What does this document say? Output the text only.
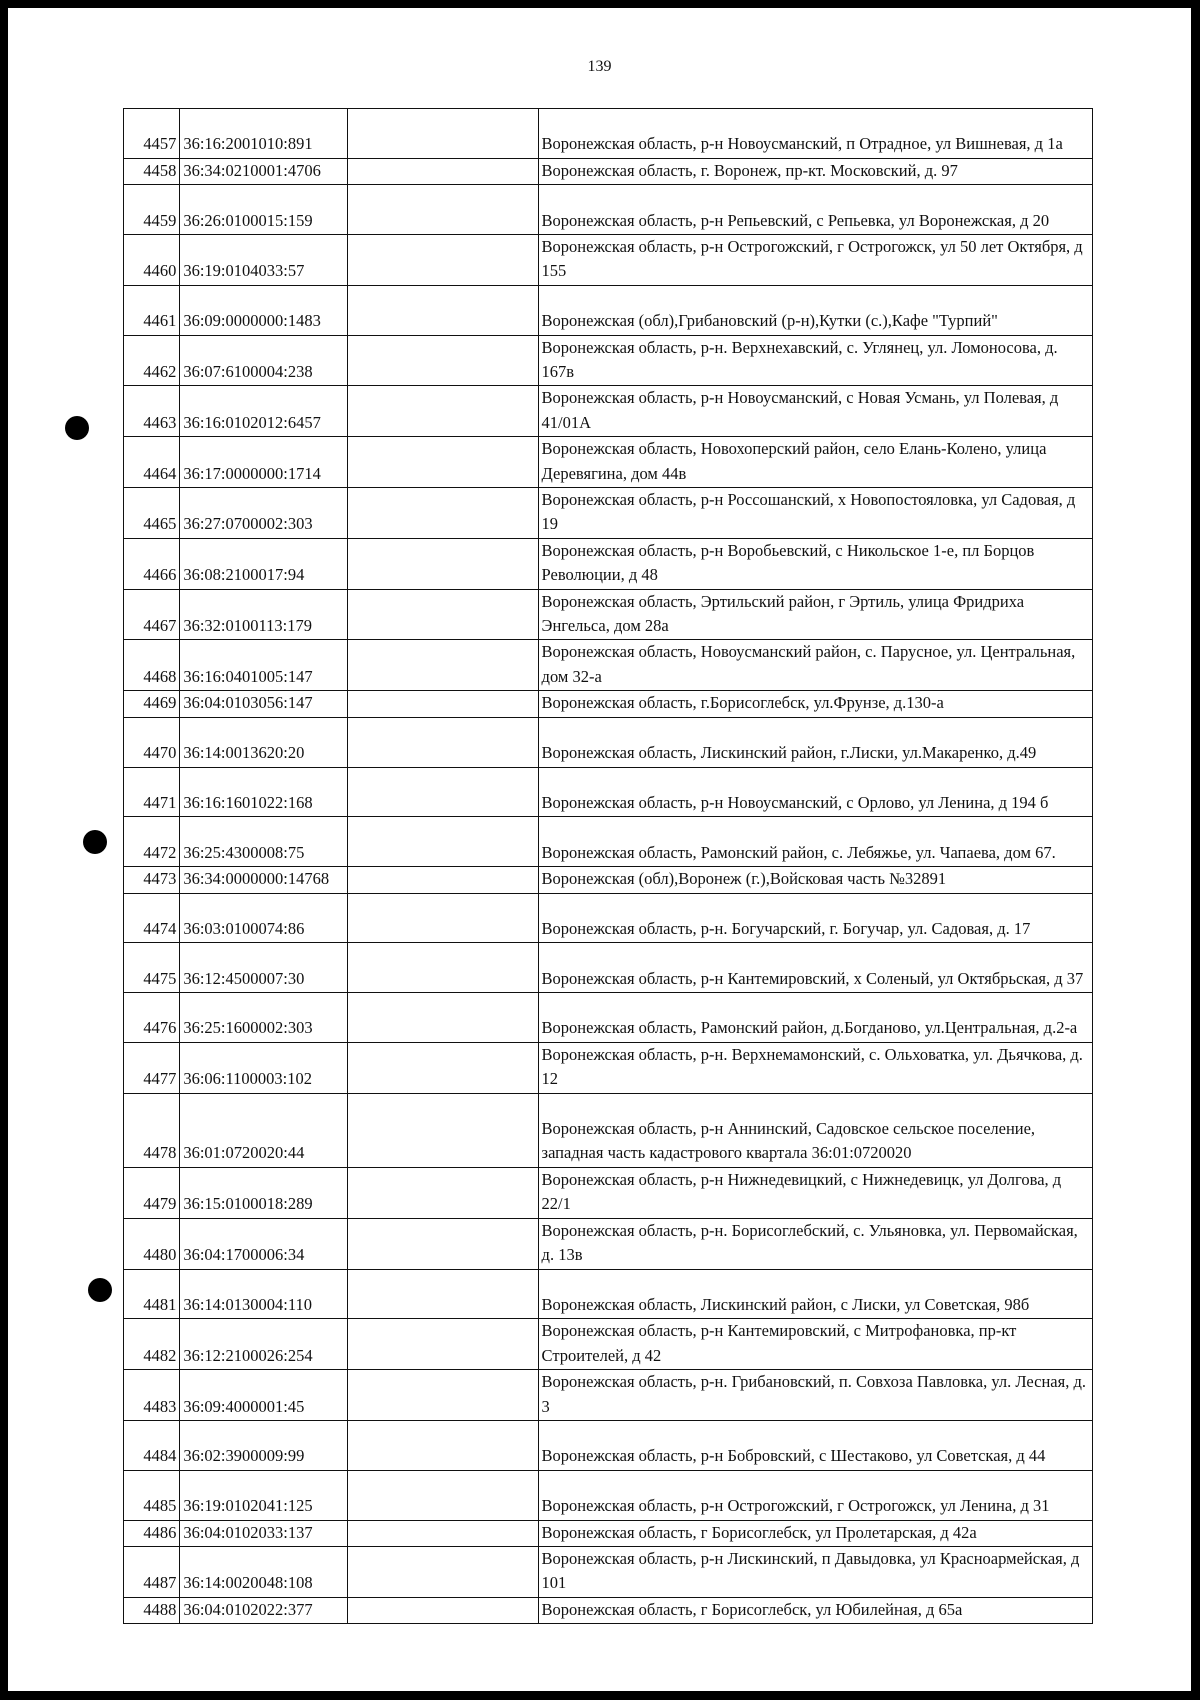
139
4457	36:16:2001010:891		Воронежская область, р-н Новоусманский, п Отрадное, ул Вишневая, д 1а
4458	36:34:0210001:4706		Воронежская область, г. Воронеж, пр-кт. Московский, д. 97
4459	36:26:0100015:159		Воронежская область, р-н Репьевский, с Репьевка, ул Воронежская, д 20
4460	36:19:0104033:57		Воронежская область, р-н Острогожский, г Острогожск, ул 50 лет Октября, д 155
4461	36:09:0000000:1483		Воронежская (обл),Грибановский (р-н),Кутки (с.),Кафе "Турпий"
4462	36:07:6100004:238		Воронежская область, р-н. Верхнехавский, с. Углянец, ул. Ломоносова, д. 167в
4463	36:16:0102012:6457		Воронежская область, р-н Новоусманский, с Новая Усмань, ул Полевая, д 41/01А
4464	36:17:0000000:1714		Воронежская область, Новохоперский район, село Елань-Колено, улица Деревягина, дом 44в
4465	36:27:0700002:303		Воронежская область, р-н Россошанский, х Новопостояловка, ул Садовая, д 19
4466	36:08:2100017:94		Воронежская область, р-н Воробьевский, с Никольское 1-е, пл Борцов Революции, д 48
4467	36:32:0100113:179		Воронежская область, Эртильский район, г Эртиль, улица Фридриха Энгельса, дом 28а
4468	36:16:0401005:147		Воронежская область, Новоусманский район, с. Парусное, ул. Центральная, дом 32-а
4469	36:04:0103056:147		Воронежская область, г.Борисоглебск, ул.Фрунзе, д.130-а
4470	36:14:0013620:20		Воронежская область, Лискинский район, г.Лиски, ул.Макаренко, д.49
4471	36:16:1601022:168		Воронежская область, р-н Новоусманский, с Орлово, ул Ленина, д 194 б
4472	36:25:4300008:75		Воронежская область, Рамонский район, с. Лебяжье, ул. Чапаева, дом 67.
4473	36:34:0000000:14768		Воронежская (обл),Воронеж (г.),Войсковая часть №32891
4474	36:03:0100074:86		Воронежская область, р-н. Богучарский, г. Богучар, ул. Садовая, д. 17
4475	36:12:4500007:30		Воронежская область, р-н Кантемировский, х Соленый, ул Октябрьская, д 37
4476	36:25:1600002:303		Воронежская область, Рамонский район, д.Богданово, ул.Центральная, д.2-а
4477	36:06:1100003:102		Воронежская область, р-н. Верхнемамонский, с. Ольховатка, ул. Дьячкова, д. 12
4478	36:01:0720020:44		Воронежская область, р-н Аннинский, Садовское сельское поселение, западная часть кадастрового квартала 36:01:0720020
4479	36:15:0100018:289		Воронежская область, р-н Нижнедевицкий, с Нижнедевицк, ул Долгова, д 22/1
4480	36:04:1700006:34		Воронежская область, р-н. Борисоглебский, с. Ульяновка, ул. Первомайская, д. 13в
4481	36:14:0130004:110		Воронежская область, Лискинский район, с Лиски, ул Советская, 98б
4482	36:12:2100026:254		Воронежская область, р-н Кантемировский, с Митрофановка, пр-кт Строителей, д 42
4483	36:09:4000001:45		Воронежская область, р-н. Грибановский, п. Совхоза Павловка, ул. Лесная, д. 3
4484	36:02:3900009:99		Воронежская область, р-н Бобровский, с Шестаково, ул Советская, д 44
4485	36:19:0102041:125		Воронежская область, р-н Острогожский, г Острогожск, ул Ленина, д 31
4486	36:04:0102033:137		Воронежская область, г Борисоглебск, ул Пролетарская, д 42а
4487	36:14:0020048:108		Воронежская область, р-н Лискинский, п Давыдовка, ул Красноармейская, д 101
4488	36:04:0102022:377		Воронежская область, г Борисоглебск, ул Юбилейная, д 65а
